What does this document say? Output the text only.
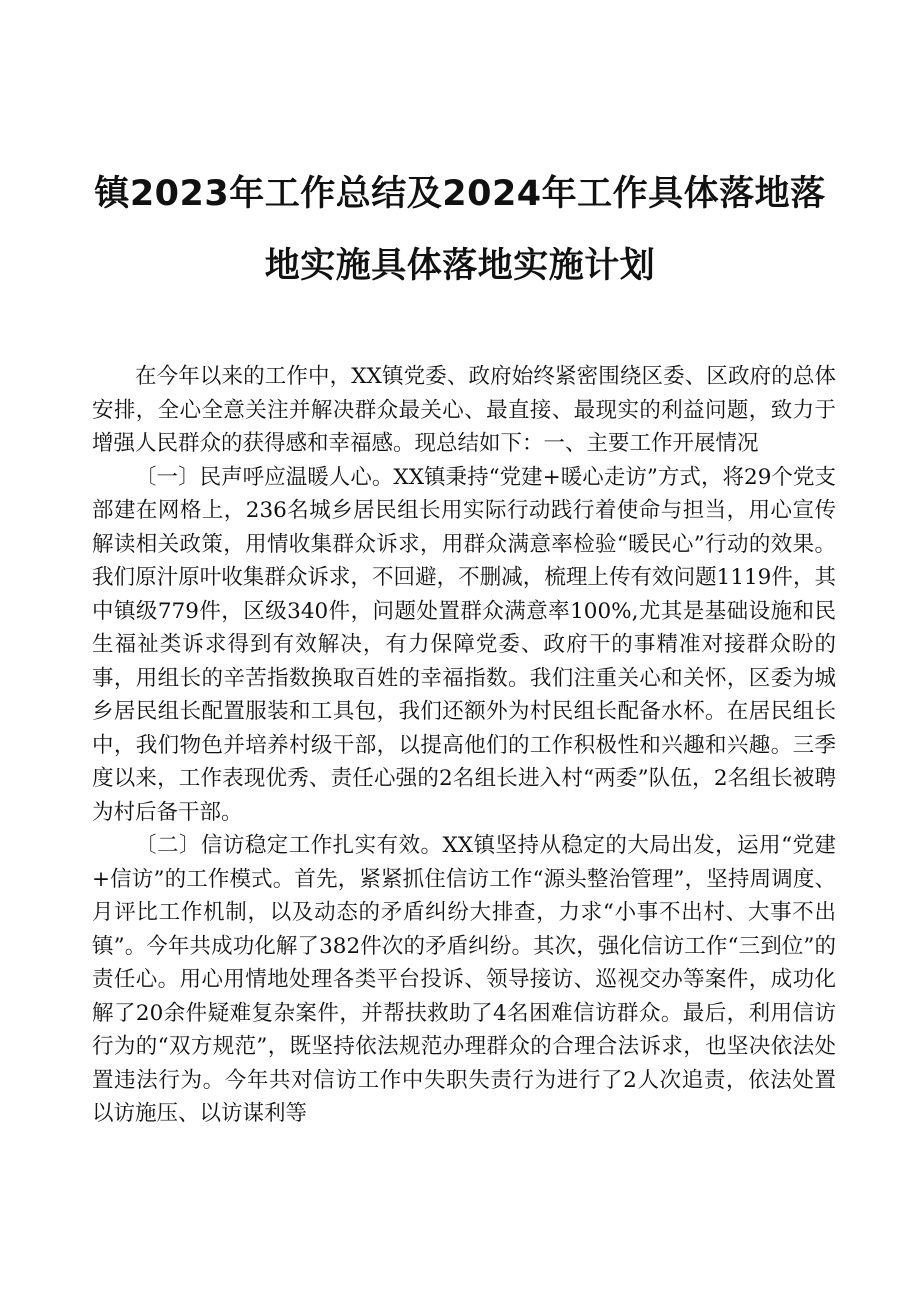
镇2023年工作总结及2024年工作具体落地落
地实施具体落地实施计划

在今年以来的工作中，XX镇党委、政府始终紧密围绕区委、区政府的总体安排，全心全意关注并解决群众最关心、最直接、最现实的利益问题，致力于增强人民群众的获得感和幸福感。现总结如下：一、主要工作开展情况

〔一〕民声呼应温暖人心。XX镇秉持“党建+暖心走访”方式，将29个党支部建在网格上，236名城乡居民组长用实际行动践行着使命与担当，用心宣传解读相关政策，用情收集群众诉求，用群众满意率检验“暖民心”行动的效果。我们原汁原叶收集群众诉求，不回避，不删减，梳理上传有效问题1119件，其中镇级779件，区级340件，问题处置群众满意率100%,尤其是基础设施和民生福祉类诉求得到有效解决，有力保障党委、政府干的事精准对接群众盼的事，用组长的辛苦指数换取百姓的幸福指数。我们注重关心和关怀，区委为城乡居民组长配置服装和工具包，我们还额外为村民组长配备水杯。在居民组长中，我们物色并培养村级干部，以提高他们的工作积极性和兴趣和兴趣。三季度以来，工作表现优秀、责任心强的2名组长进入村“两委”队伍，2名组长被聘为村后备干部。

〔二〕信访稳定工作扎实有效。XX镇坚持从稳定的大局出发，运用“党建+信访”的工作模式。首先，紧紧抓住信访工作“源头整治管理”，坚持周调度、月评比工作机制，以及动态的矛盾纠纷大排查，力求“小事不出村、大事不出镇”。今年共成功化解了382件次的矛盾纠纷。其次，强化信访工作“三到位”的责任心。用心用情地处理各类平台投诉、领导接访、巡视交办等案件，成功化解了20余件疑难复杂案件，并帮扶救助了4名困难信访群众。最后，利用信访行为的“双方规范”，既坚持依法规范办理群众的合理合法诉求，也坚决依法处置违法行为。今年共对信访工作中失职失责行为进行了2人次追责，依法处置以访施压、以访谋利等
